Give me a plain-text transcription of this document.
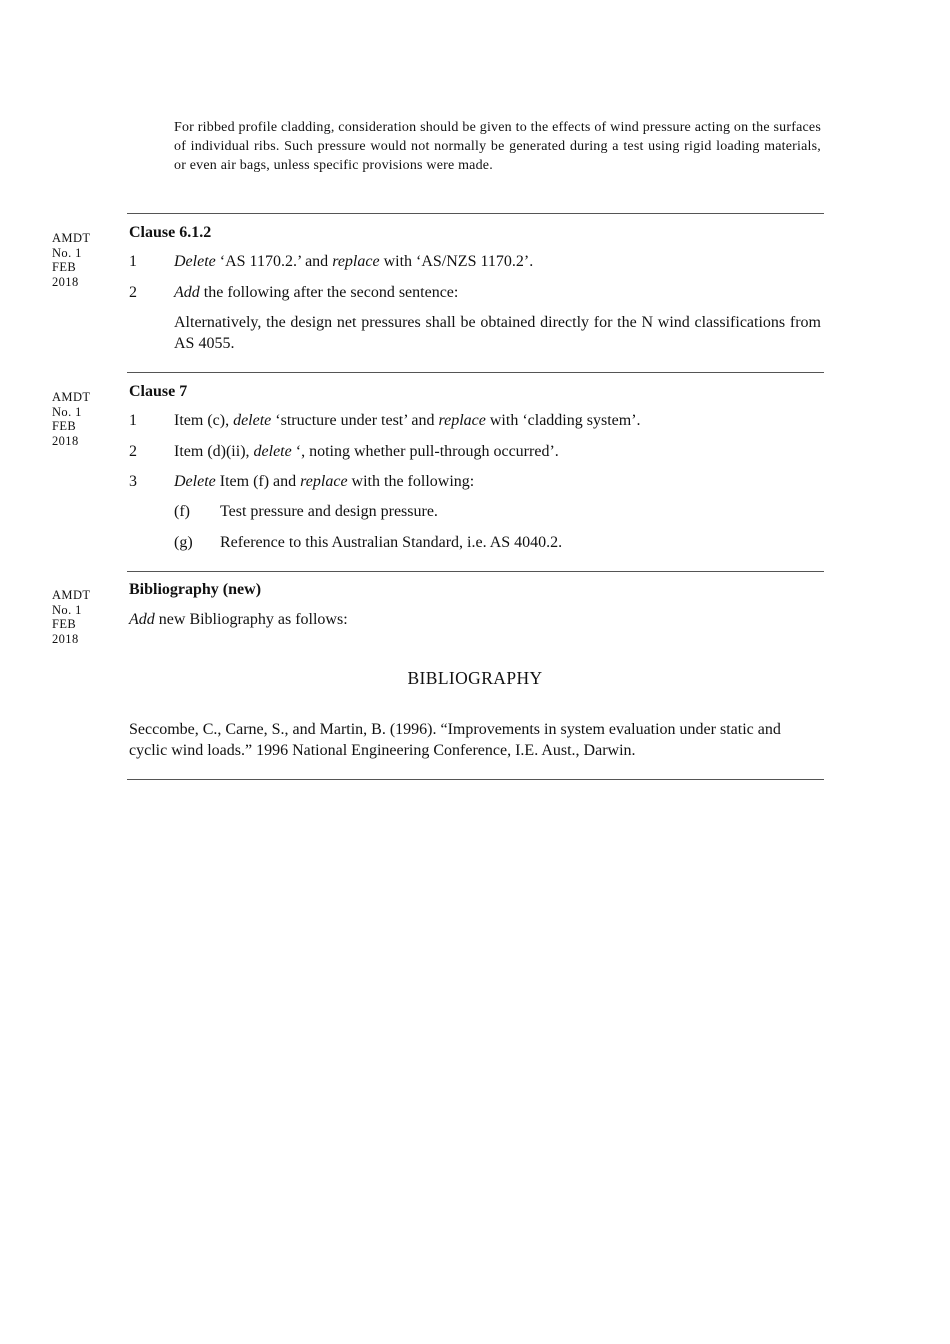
For ribbed profile cladding, consideration should be given to the effects of wind pressure acting on the surfaces of individual ribs. Such pressure would not normally be generated during a test using rigid loading materials, or even air bags, unless specific provisions were made.
AMDT
No. 1
FEB
2018
Clause 6.1.2
1 Delete ‘AS 1170.2.’ and replace with ‘AS/NZS 1170.2’.
2 Add the following after the second sentence:
Alternatively, the design net pressures shall be obtained directly for the N wind classifications from AS 4055.
AMDT
No. 1
FEB
2018
Clause 7
1 Item (c), delete ‘structure under test’ and replace with ‘cladding system’.
2 Item (d)(ii), delete ‘, noting whether pull-through occurred’.
3 Delete Item (f) and replace with the following:
(f) Test pressure and design pressure.
(g) Reference to this Australian Standard, i.e. AS 4040.2.
AMDT
No. 1
FEB
2018
Bibliography (new)
Add new Bibliography as follows:
BIBLIOGRAPHY
Seccombe, C., Carne, S., and Martin, B. (1996). “Improvements in system evaluation under static and cyclic wind loads.” 1996 National Engineering Conference, I.E. Aust., Darwin.
